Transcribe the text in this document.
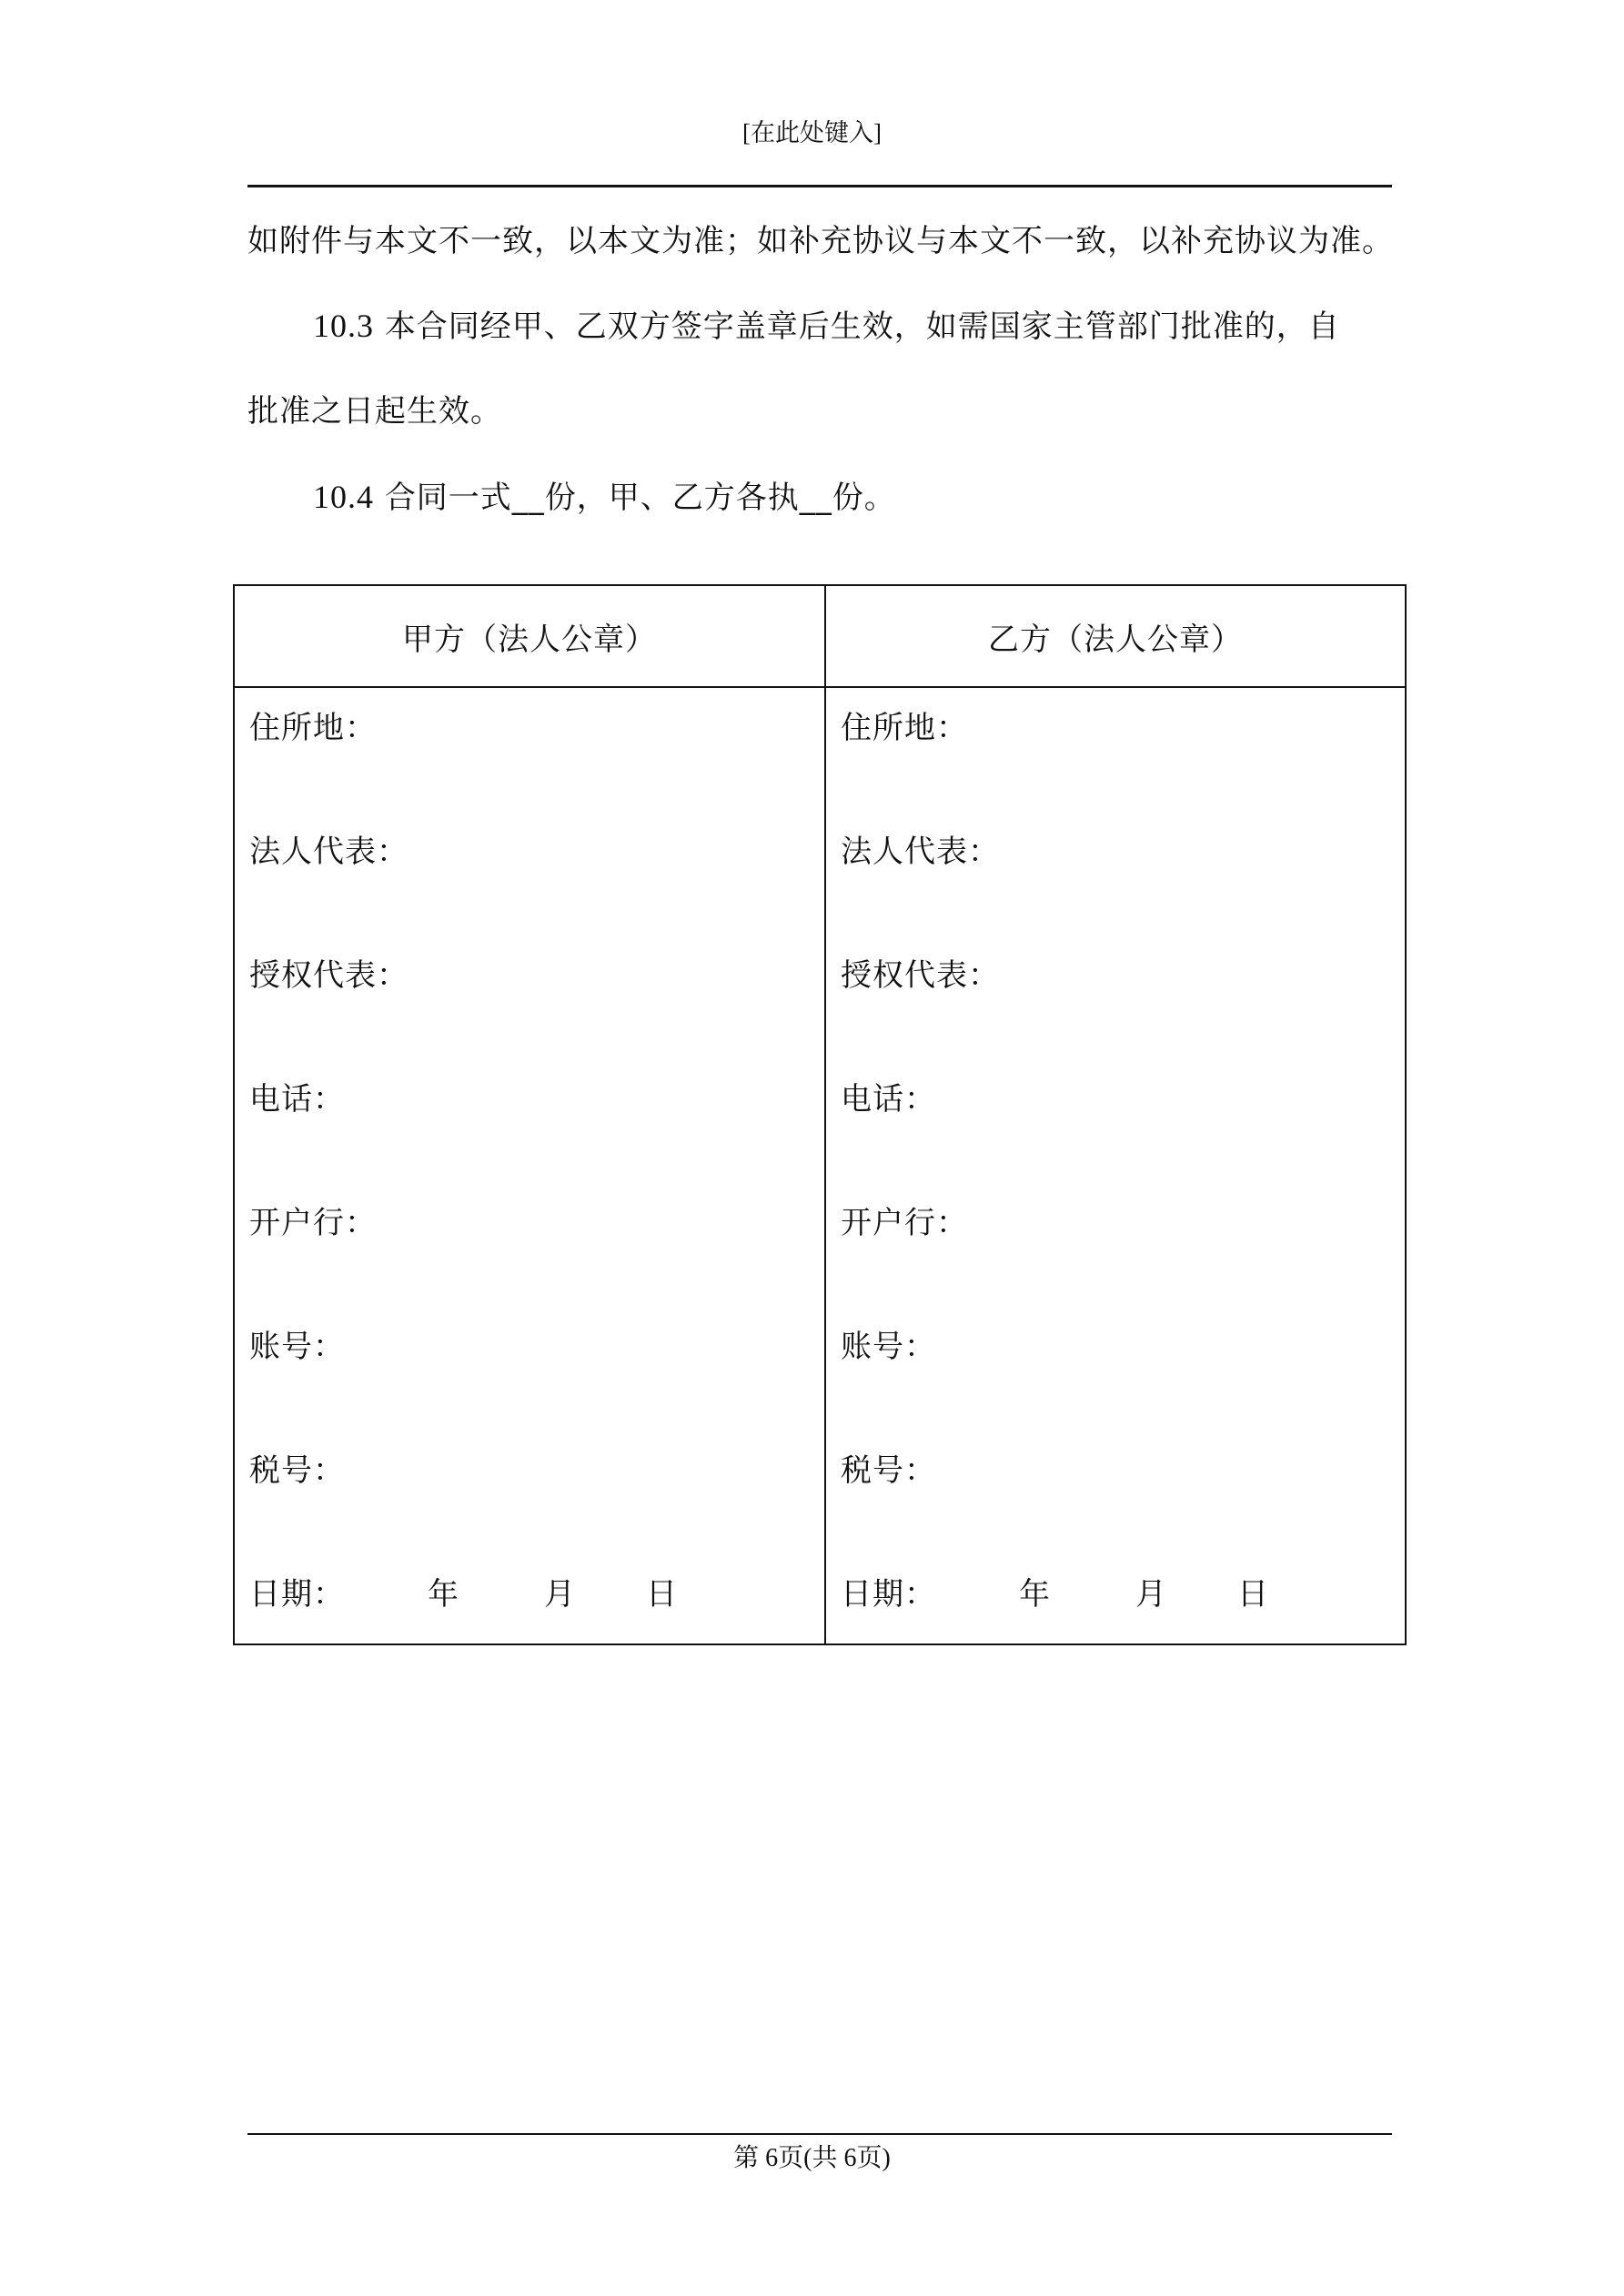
[在此处键入]
如附件与本文不一致，以本文为准；如补充协议与本文不一致，以补充协议为准。
10.3 本合同经甲、乙双方签字盖章后生效，如需国家主管部门批准的，自
批准之日起生效。
10.4 合同一式__份，甲、乙方各执__份。
甲方（法人公章）	乙方（法人公章）
住所地：
法人代表：
授权代表：
电话：
开户行：
账号：
税号：
日期：	年	月 日
住所地：
法人代表：
授权代表：
电话：
开户行：
账号：
税号：
日期：	年	月 日
第 6页(共 6页)
